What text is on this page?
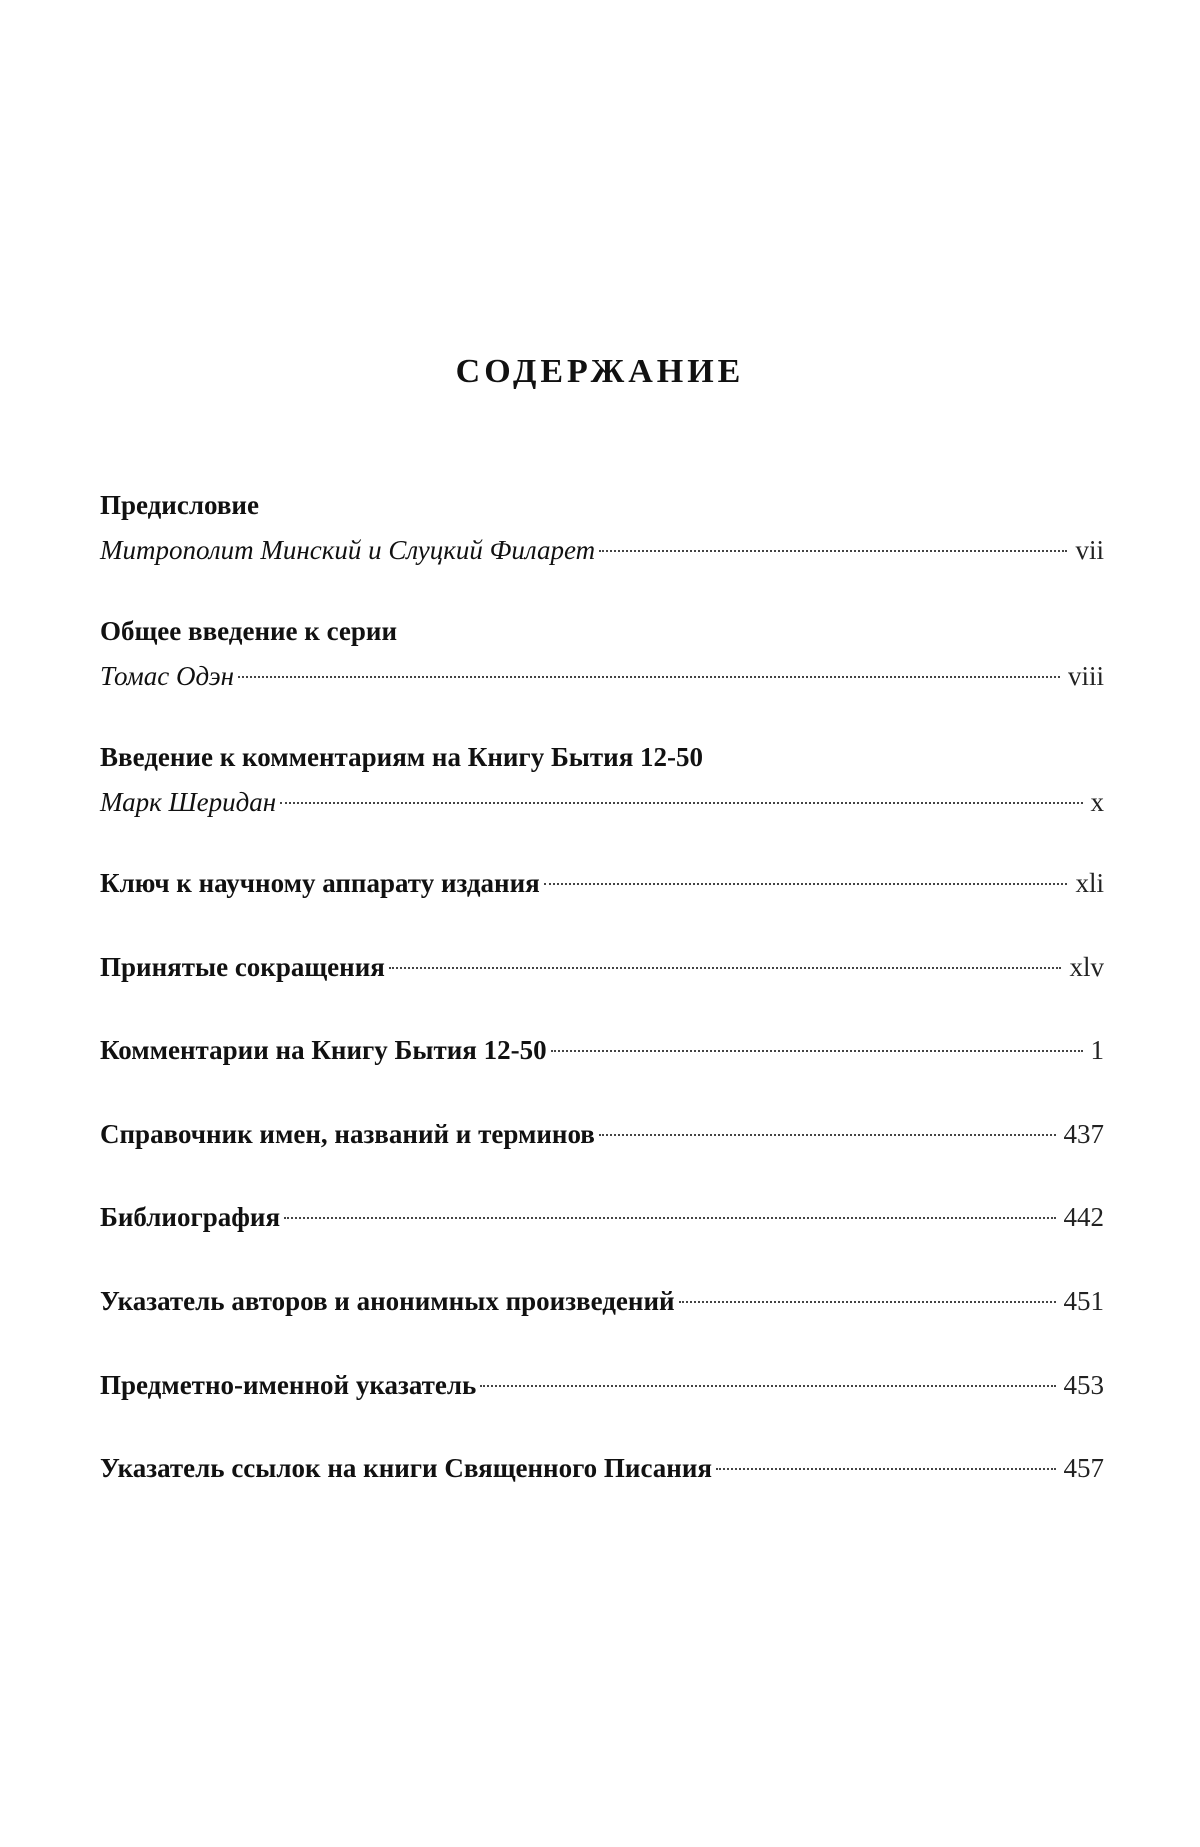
СОДЕРЖАНИЕ
Предисловие
Митрополит Минский и Слуцкий Филарет	vii
Общее введение к серии
Томас Одэн	viii
Введение к комментариям на Книгу Бытия 12-50
Марк Шеридан	x
Ключ к научному аппарату издания	xli
Принятые сокращения	xlv
Комментарии на Книгу Бытия 12-50	1
Справочник имен, названий и терминов	437
Библиография	442
Указатель авторов и анонимных произведений	451
Предметно-именной указатель	453
Указатель ссылок на книги Священного Писания	457
